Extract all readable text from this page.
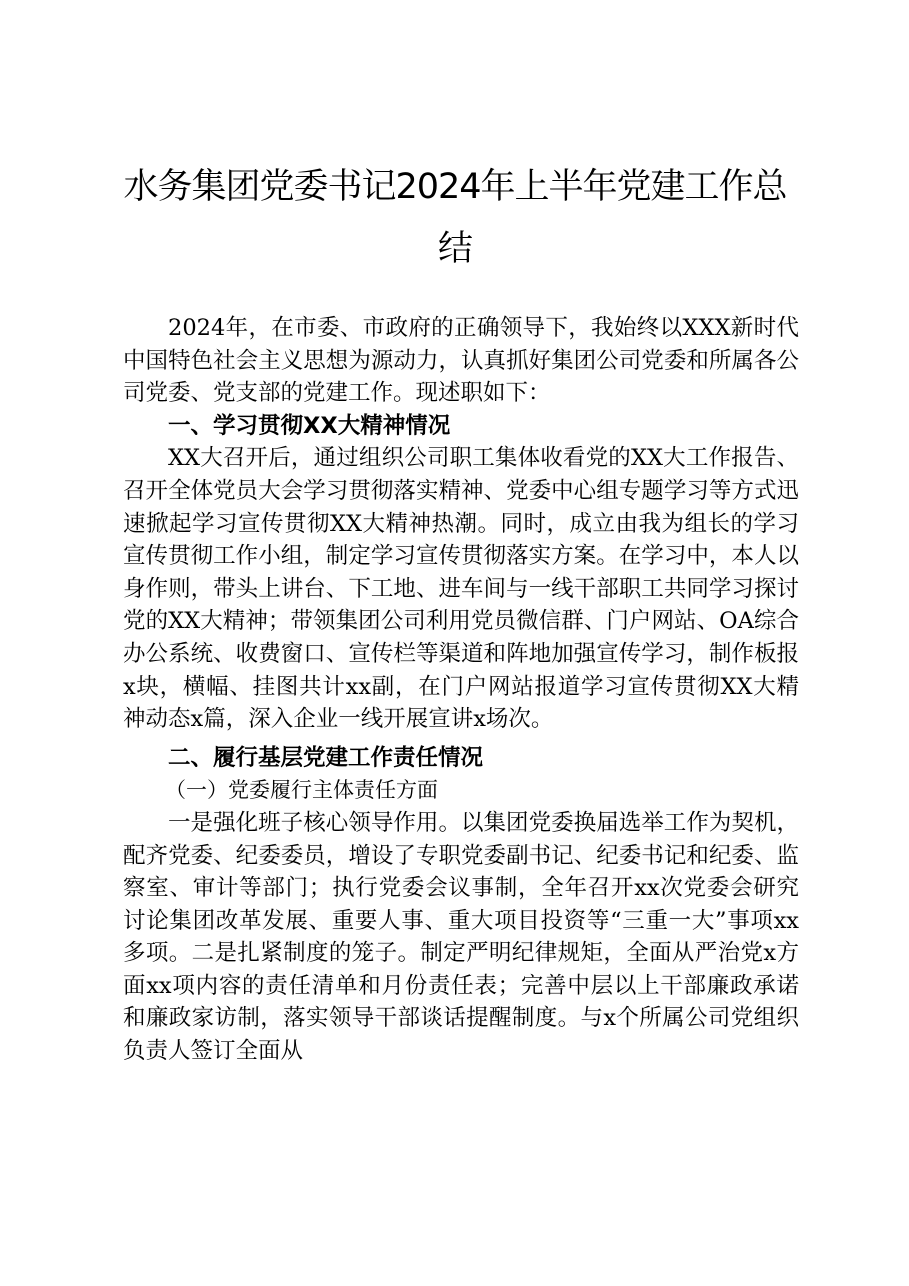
水务集团党委书记2024年上半年党建工作总结

2024年，在市委、市政府的正确领导下，我始终以XXX新时代中国特色社会主义思想为源动力，认真抓好集团公司党委和所属各公司党委、党支部的党建工作。现述职如下：

一、学习贯彻XX大精神情况

XX大召开后，通过组织公司职工集体收看党的XX大工作报告、召开全体党员大会学习贯彻落实精神、党委中心组专题学习等方式迅速掀起学习宣传贯彻XX大精神热潮。同时，成立由我为组长的学习宣传贯彻工作小组，制定学习宣传贯彻落实方案。在学习中，本人以身作则，带头上讲台、下工地、进车间与一线干部职工共同学习探讨党的XX大精神；带领集团公司利用党员微信群、门户网站、OA综合办公系统、收费窗口、宣传栏等渠道和阵地加强宣传学习，制作板报x块，横幅、挂图共计xx副，在门户网站报道学习宣传贯彻XX大精神动态x篇，深入企业一线开展宣讲x场次。

二、履行基层党建工作责任情况
（一）党委履行主体责任方面

一是强化班子核心领导作用。以集团党委换届选举工作为契机，配齐党委、纪委委员，增设了专职党委副书记、纪委书记和纪委、监察室、审计等部门；执行党委会议事制，全年召开xx次党委会研究讨论集团改革发展、重要人事、重大项目投资等“三重一大”事项xx多项。二是扎紧制度的笼子。制定严明纪律规矩，全面从严治党x方面xx项内容的责任清单和月份责任表；完善中层以上干部廉政承诺和廉政家访制，落实领导干部谈话提醒制度。与x个所属公司党组织负责人签订全面从
